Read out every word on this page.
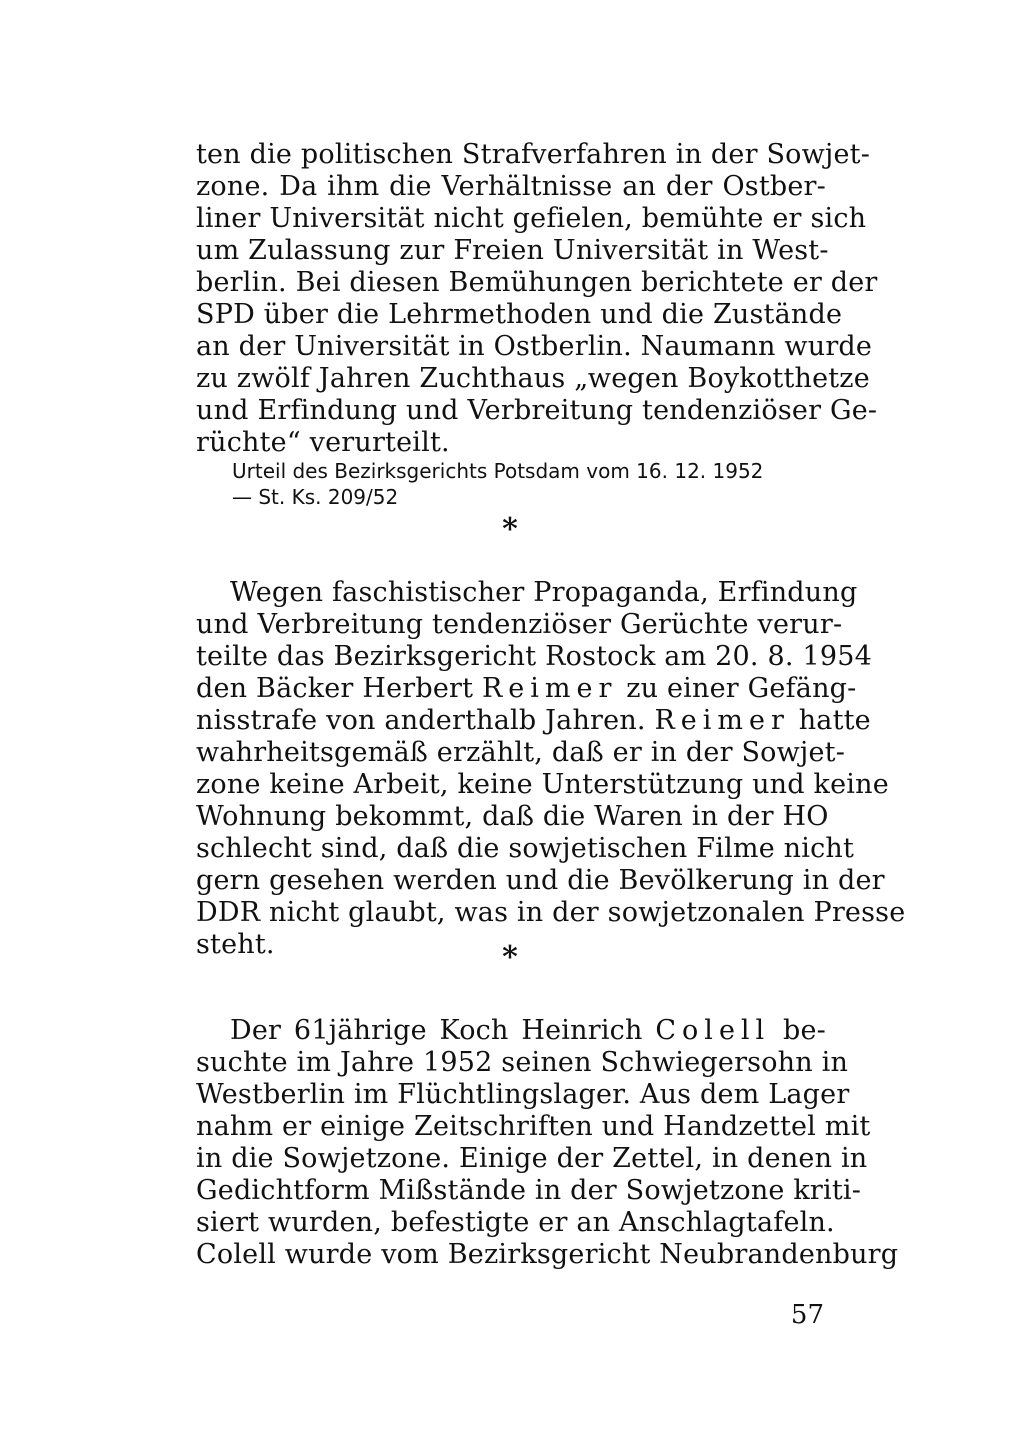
ten die politischen Strafverfahren in der Sowjet-
zone. Da ihm die Verhältnisse an der Ostber-
liner Universität nicht gefielen, bemühte er sich
um Zulassung zur Freien Universität in West-
berlin. Bei diesen Bemühungen berichtete er der
SPD über die Lehrmethoden und die Zustände
an der Universität in Ostberlin. Naumann wurde
zu zwölf Jahren Zuchthaus „wegen Boykotthetze
und Erfindung und Verbreitung tendenziöser Ge-
rüchte“ verurteilt.
Urteil des Bezirksgerichts Potsdam vom 16. 12. 1952
— St. Ks. 209/52
*
Wegen faschistischer Propaganda, Erfindung
und Verbreitung tendenziöser Gerüchte verur-
teilte das Bezirksgericht Rostock am 20. 8. 1954
den Bäcker Herbert Reimer zu einer Gefäng-
nisstrafe von anderthalb Jahren. Reimer hatte
wahrheitsgemäß erzählt, daß er in der Sowjet-
zone keine Arbeit, keine Unterstützung und keine
Wohnung bekommt, daß die Waren in der HO
schlecht sind, daß die sowjetischen Filme nicht
gern gesehen werden und die Bevölkerung in der
DDR nicht glaubt, was in der sowjetzonalen Presse
steht.	*
Der 61jährige Koch Heinrich Colell be-
suchte im Jahre 1952 seinen Schwiegersohn in
Westberlin im Flüchtlingslager. Aus dem Lager
nahm er einige Zeitschriften und Handzettel mit
in die Sowjetzone. Einige der Zettel, in denen in
Gedichtform Mißstände in der Sowjetzone kriti-
siert wurden, befestigte er an Anschlagtafeln.
Colell wurde vom Bezirksgericht Neubrandenburg
57
